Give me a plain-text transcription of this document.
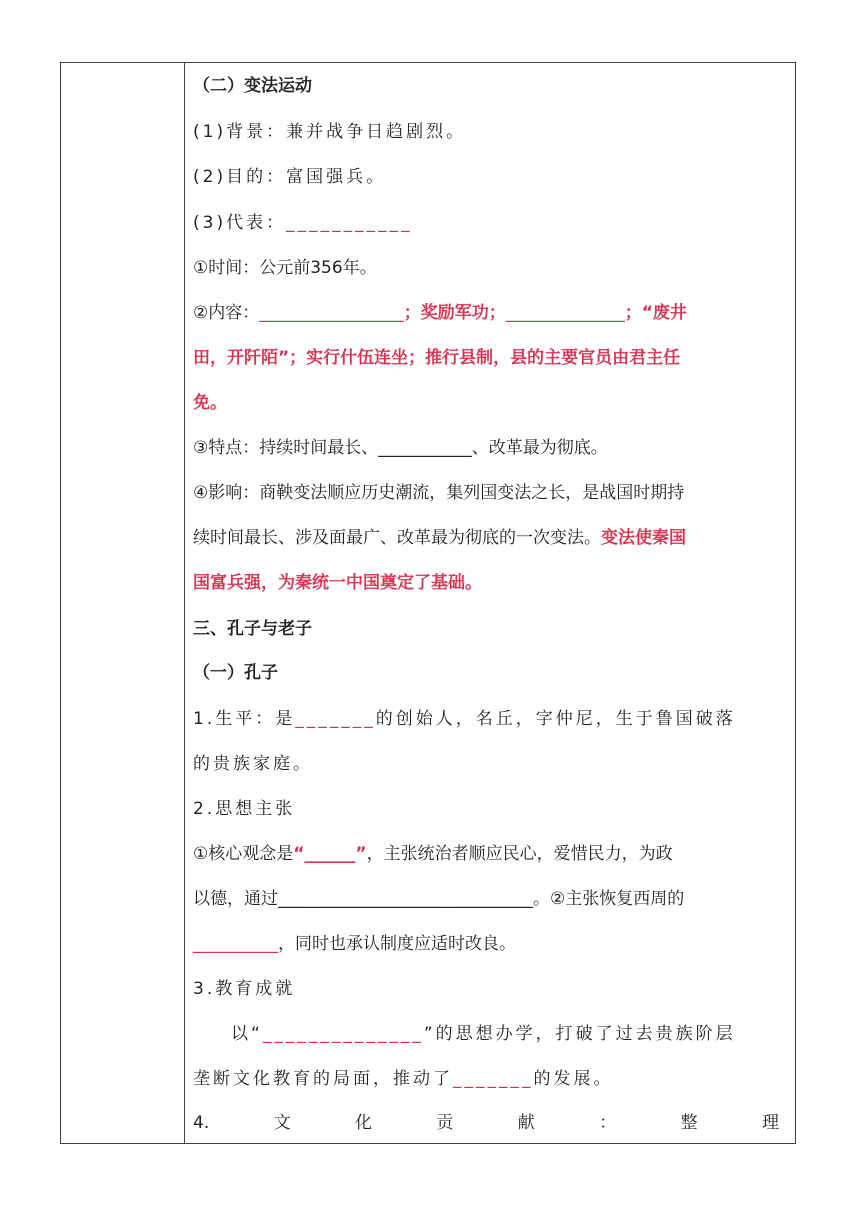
（二）变法运动
(1)背景：兼并战争日趋剧烈。
(2)目的：富国强兵。
(3)代表：___________
①时间：公元前356年。
②内容：_________________；奖励军功；______________；“废井
田，开阡陌”；实行什伍连坐；推行县制，县的主要官员由君主任
免。
③特点：持续时间最长、___________、改革最为彻底。
④影响：商鞅变法顺应历史潮流，集列国变法之长，是战国时期持
续时间最长、涉及面最广、改革最为彻底的一次变法。变法使秦国
国富兵强，为秦统一中国奠定了基础。
三、孔子与老子
（一）孔子
1.生平：是_______的创始人，名丘，字仲尼，生于鲁国破落
的贵族家庭。
2.思想主张
①核心观念是“______”，主张统治者顺应民心，爱惜民力，为政
以德，通过______________________________。②主张恢复西周的
__________，同时也承认制度应适时改良。
3.教育成就
以“______________”的思想办学，打破了过去贵族阶层
垄断文化教育的局面，推动了_______的发展。
4.	文	化	贡	献	：	整	理
